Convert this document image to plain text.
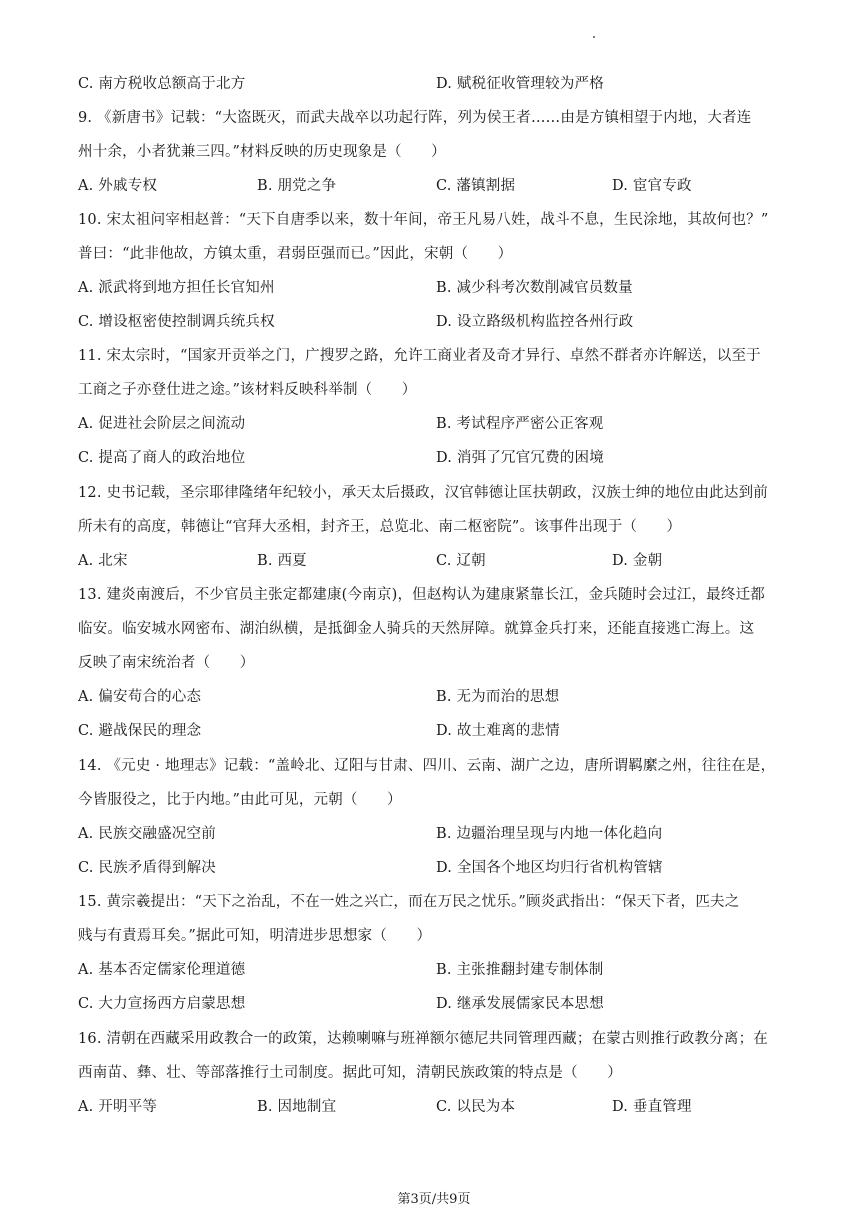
C. 南方税收总额高于北方	D. 赋税征收管理较为严格
9. 《新唐书》记载：“大盗既灭，而武夫战卒以功起行阵，列为侯王者……由是方镇相望于内地，大者连
州十余，小者犹兼三四。”材料反映的历史现象是（　　）
A. 外戚专权	B. 朋党之争	C. 藩镇割据	D. 宦官专政
10. 宋太祖问宰相赵普：“天下自唐季以来，数十年间，帝王凡易八姓，战斗不息，生民涂地，其故何也？”
普曰：“此非他故，方镇太重，君弱臣强而已。”因此，宋朝（　　）
A. 派武将到地方担任长官知州	B. 减少科考次数削减官员数量
C. 增设枢密使控制调兵统兵权	D. 设立路级机构监控各州行政
11. 宋太宗时，“国家开贡举之门，广搜罗之路，允许工商业者及奇才异行、卓然不群者亦许解送，以至于
工商之子亦登仕进之途。”该材料反映科举制（　　）
A. 促进社会阶层之间流动	B. 考试程序严密公正客观
C. 提高了商人的政治地位	D. 消弭了冗官冗费的困境
12. 史书记载，圣宗耶律隆绪年纪较小，承天太后摄政，汉官韩德让匡扶朝政，汉族士绅的地位由此达到前
所未有的高度，韩德让“官拜大丞相，封齐王，总览北、南二枢密院”。该事件出现于（　　）
A. 北宋	B. 西夏	C. 辽朝	D. 金朝
13. 建炎南渡后，不少官员主张定都建康(今南京)，但赵构认为建康紧靠长江，金兵随时会过江，最终迁都
临安。临安城水网密布、湖泊纵横，是抵御金人骑兵的天然屏障。就算金兵打来，还能直接逃亡海上。这
反映了南宋统治者（　　）
A. 偏安苟合的心态	B. 无为而治的思想
C. 避战保民的理念	D. 故土难离的悲情
14. 《元史 · 地理志》记载：“盖岭北、辽阳与甘肃、四川、云南、湖广之边，唐所谓羁縻之州，往往在是，
今皆服役之，比于内地。”由此可见，元朝（　　）
A. 民族交融盛况空前	B. 边疆治理呈现与内地一体化趋向
C. 民族矛盾得到解决	D. 全国各个地区均归行省机构管辖
15. 黄宗羲提出：“天下之治乱，不在一姓之兴亡，而在万民之忧乐。”顾炎武指出：“保天下者，匹夫之
贱与有責焉耳矣。”据此可知，明清进步思想家（　　）
A. 基本否定儒家伦理道德	B. 主张推翻封建专制体制
C. 大力宣扬西方启蒙思想	D. 继承发展儒家民本思想
16. 清朝在西藏采用政教合一的政策，达赖喇嘛与班禅额尔德尼共同管理西藏；在蒙古则推行政教分离；在
西南苗、彝、壮、等部落推行土司制度。据此可知，清朝民族政策的特点是（　　）
A. 开明平等	B. 因地制宜	C. 以民为本	D. 垂直管理
第3页/共9页
